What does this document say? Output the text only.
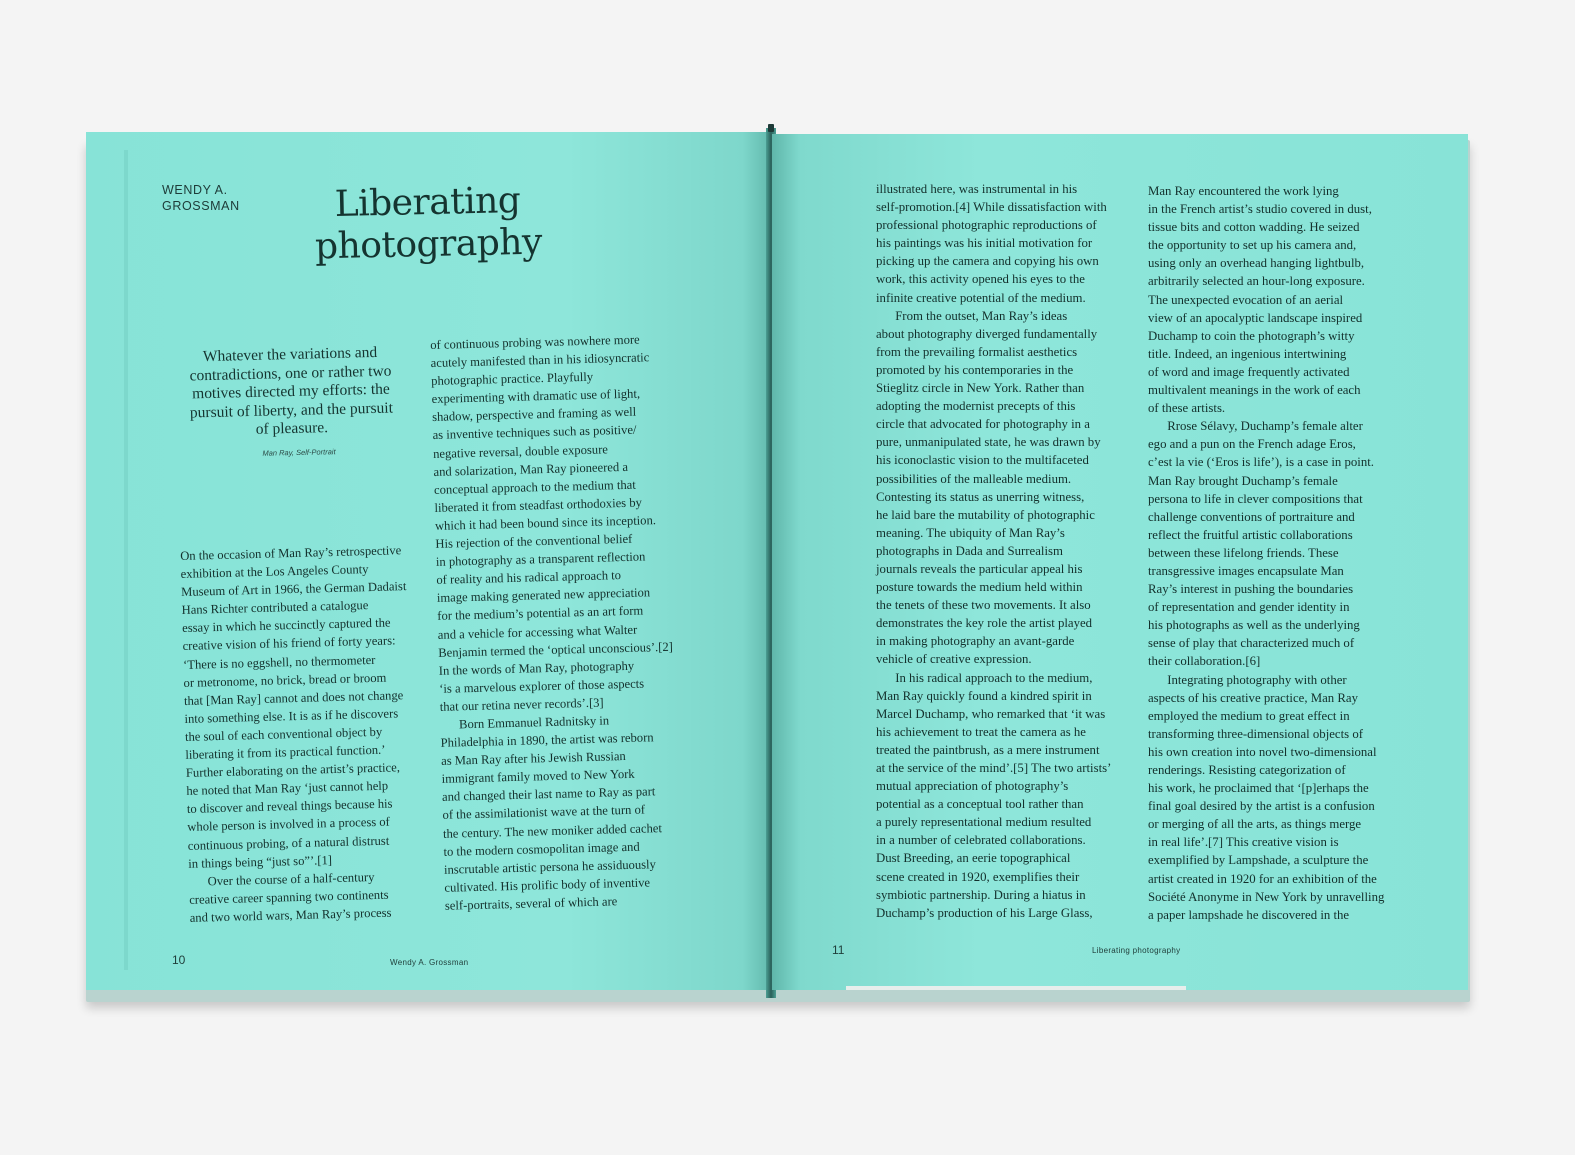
WENDY A. GROSSMAN	Liberating photography
Whatever the variations and contradictions, one or rather two motives directed my efforts: the pursuit of liberty, and the pursuit of pleasure.
Man Ray, Self-Portrait
On the occasion of Man Ray’s retrospective
exhibition at the Los Angeles County
Museum of Art in 1966, the German Dadaist
Hans Richter contributed a catalogue
essay in which he succinctly captured the
creative vision of his friend of forty years:
‘There is no eggshell, no thermometer
or metronome, no brick, bread or broom
that [Man Ray] cannot and does not change
into something else. It is as if he discovers
the soul of each conventional object by
liberating it from its practical function.’
Further elaborating on the artist’s practice,
he noted that Man Ray ‘just cannot help
to discover and reveal things because his
whole person is involved in a process of
continuous probing, of a natural distrust
in things being “just so”’.[1]
Over the course of a half-century
creative career spanning two continents
and two world wars, Man Ray’s process
of continuous probing was nowhere more
acutely manifested than in his idiosyncratic
photographic practice. Playfully
experimenting with dramatic use of light,
shadow, perspective and framing as well
as inventive techniques such as positive/
negative reversal, double exposure
and solarization, Man Ray pioneered a
conceptual approach to the medium that
liberated it from steadfast orthodoxies by
which it had been bound since its inception.
His rejection of the conventional belief
in photography as a transparent reflection
of reality and his radical approach to
image making generated new appreciation
for the medium’s potential as an art form
and a vehicle for accessing what Walter
Benjamin termed the ‘optical unconscious’.[2]
In the words of Man Ray, photography
‘is a marvelous explorer of those aspects
that our retina never records’.[3]
Born Emmanuel Radnitsky in
Philadelphia in 1890, the artist was reborn
as Man Ray after his Jewish Russian
immigrant family moved to New York
and changed their last name to Ray as part
of the assimilationist wave at the turn of
the century. The new moniker added cachet
to the modern cosmopolitan image and
inscrutable artistic persona he assiduously
cultivated. His prolific body of inventive
self-portraits, several of which are
10	Wendy A. Grossman
illustrated here, was instrumental in his
self-promotion.[4] While dissatisfaction with
professional photographic reproductions of
his paintings was his initial motivation for
picking up the camera and copying his own
work, this activity opened his eyes to the
infinite creative potential of the medium.
From the outset, Man Ray’s ideas
about photography diverged fundamentally
from the prevailing formalist aesthetics
promoted by his contemporaries in the
Stieglitz circle in New York. Rather than
adopting the modernist precepts of this
circle that advocated for photography in a
pure, unmanipulated state, he was drawn by
his iconoclastic vision to the multifaceted
possibilities of the malleable medium.
Contesting its status as unerring witness,
he laid bare the mutability of photographic
meaning. The ubiquity of Man Ray’s
photographs in Dada and Surrealism
journals reveals the particular appeal his
posture towards the medium held within
the tenets of these two movements. It also
demonstrates the key role the artist played
in making photography an avant-garde
vehicle of creative expression.
In his radical approach to the medium,
Man Ray quickly found a kindred spirit in
Marcel Duchamp, who remarked that ‘it was
his achievement to treat the camera as he
treated the paintbrush, as a mere instrument
at the service of the mind’.[5] The two artists’
mutual appreciation of photography’s
potential as a conceptual tool rather than
a purely representational medium resulted
in a number of celebrated collaborations.
Dust Breeding, an eerie topographical
scene created in 1920, exemplifies their
symbiotic partnership. During a hiatus in
Duchamp’s production of his Large Glass,
Man Ray encountered the work lying
in the French artist’s studio covered in dust,
tissue bits and cotton wadding. He seized
the opportunity to set up his camera and,
using only an overhead hanging lightbulb,
arbitrarily selected an hour-long exposure.
The unexpected evocation of an aerial
view of an apocalyptic landscape inspired
Duchamp to coin the photograph’s witty
title. Indeed, an ingenious intertwining
of word and image frequently activated
multivalent meanings in the work of each
of these artists.
Rrose Sélavy, Duchamp’s female alter
ego and a pun on the French adage Eros,
c’est la vie (‘Eros is life’), is a case in point.
Man Ray brought Duchamp’s female
persona to life in clever compositions that
challenge conventions of portraiture and
reflect the fruitful artistic collaborations
between these lifelong friends. These
transgressive images encapsulate Man
Ray’s interest in pushing the boundaries
of representation and gender identity in
his photographs as well as the underlying
sense of play that characterized much of
their collaboration.[6]
Integrating photography with other
aspects of his creative practice, Man Ray
employed the medium to great effect in
transforming three-dimensional objects of
his own creation into novel two-dimensional
renderings. Resisting categorization of
his work, he proclaimed that ‘[p]erhaps the
final goal desired by the artist is a confusion
or merging of all the arts, as things merge
in real life’.[7] This creative vision is
exemplified by Lampshade, a sculpture the
artist created in 1920 for an exhibition of the
Société Anonyme in New York by unravelling
a paper lampshade he discovered in the
11	Liberating photography
